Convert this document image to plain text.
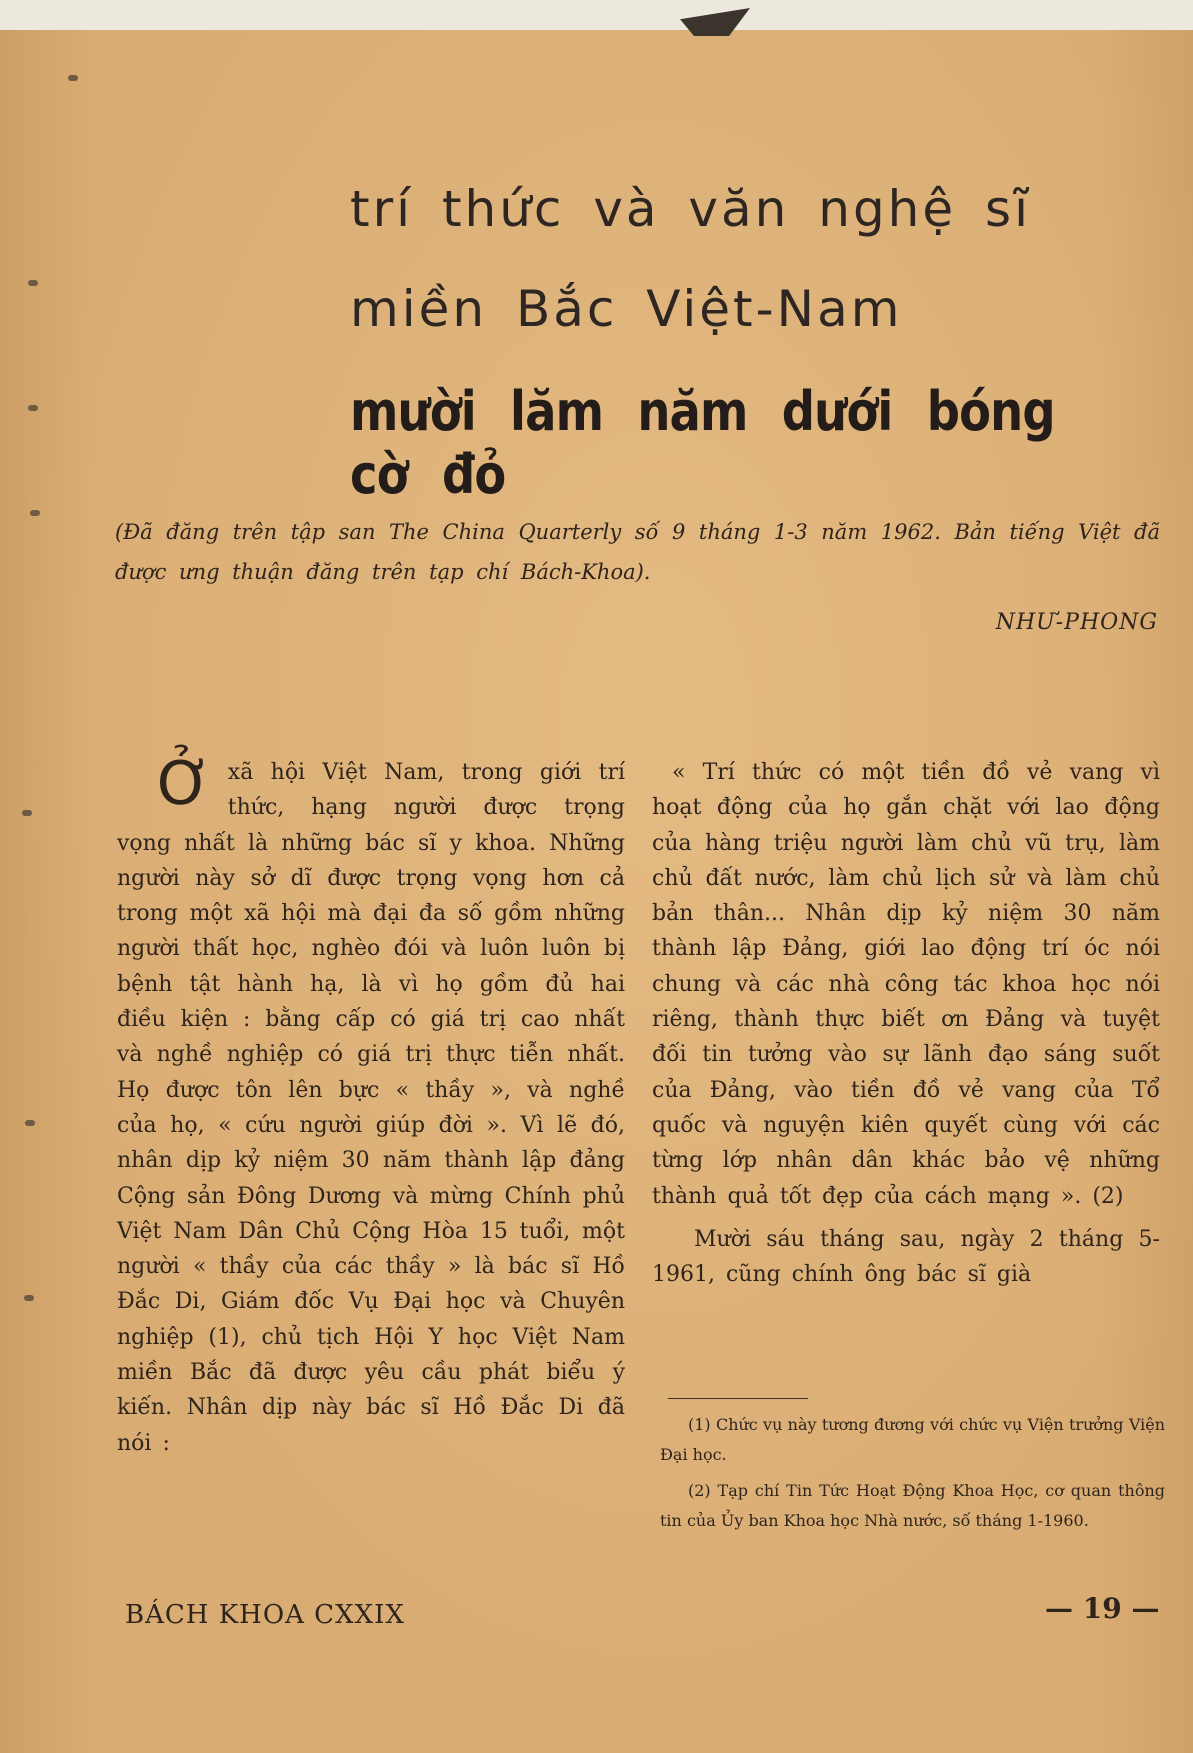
trí thức và văn nghệ sĩ
miền Bắc Việt-Nam
mười lăm năm dưới bóng cờ đỏ
(Đã đăng trên tập san The China Quarterly số 9 tháng 1-3 năm 1962. Bản tiếng Việt đã được ưng thuận đăng trên tạp chí Bách-Khoa).
NHƯ-PHONG
Ở xã hội Việt Nam, trong giới trí thức, hạng người được trọng vọng nhất là những bác sĩ y khoa. Những người này sở dĩ được trọng vọng hơn cả trong một xã hội mà đại đa số gồm những người thất học, nghèo đói và luôn luôn bị bệnh tật hành hạ, là vì họ gồm đủ hai điều kiện : bằng cấp có giá trị cao nhất và nghề nghiệp có giá trị thực tiễn nhất. Họ được tôn lên bực « thầy », và nghề của họ, « cứu người giúp đời ». Vì lẽ đó, nhân dịp kỷ niệm 30 năm thành lập đảng Cộng sản Đông Dương và mừng Chính phủ Việt Nam Dân Chủ Cộng Hòa 15 tuổi, một người « thầy của các thầy » là bác sĩ Hồ Đắc Di, Giám đốc Vụ Đại học và Chuyên nghiệp (1), chủ tịch Hội Y học Việt Nam miền Bắc đã được yêu cầu phát biểu ý kiến. Nhân dịp này bác sĩ Hồ Đắc Di đã nói :

« Trí thức có một tiền đồ vẻ vang vì hoạt động của họ gắn chặt với lao động của hàng triệu người làm chủ vũ trụ, làm chủ đất nước, làm chủ lịch sử và làm chủ bản thân... Nhân dịp kỷ niệm 30 năm thành lập Đảng, giới lao động trí óc nói chung và các nhà công tác khoa học nói riêng, thành thực biết ơn Đảng và tuyệt đối tin tưởng vào sự lãnh đạo sáng suốt của Đảng, vào tiền đồ vẻ vang của Tổ quốc và nguyện kiên quyết cùng với các từng lớp nhân dân khác bảo vệ những thành quả tốt đẹp của cách mạng ». (2)

Mười sáu tháng sau, ngày 2 tháng 5-1961, cũng chính ông bác sĩ già

(1) Chức vụ này tương đương với chức vụ Viện trưởng Viện Đại học.

(2) Tạp chí Tin Tức Hoạt Động Khoa Học, cơ quan thông tin của Ủy ban Khoa học Nhà nước, số tháng 1-1960.

BÁCH KHOA CXXIX	— 19 —
